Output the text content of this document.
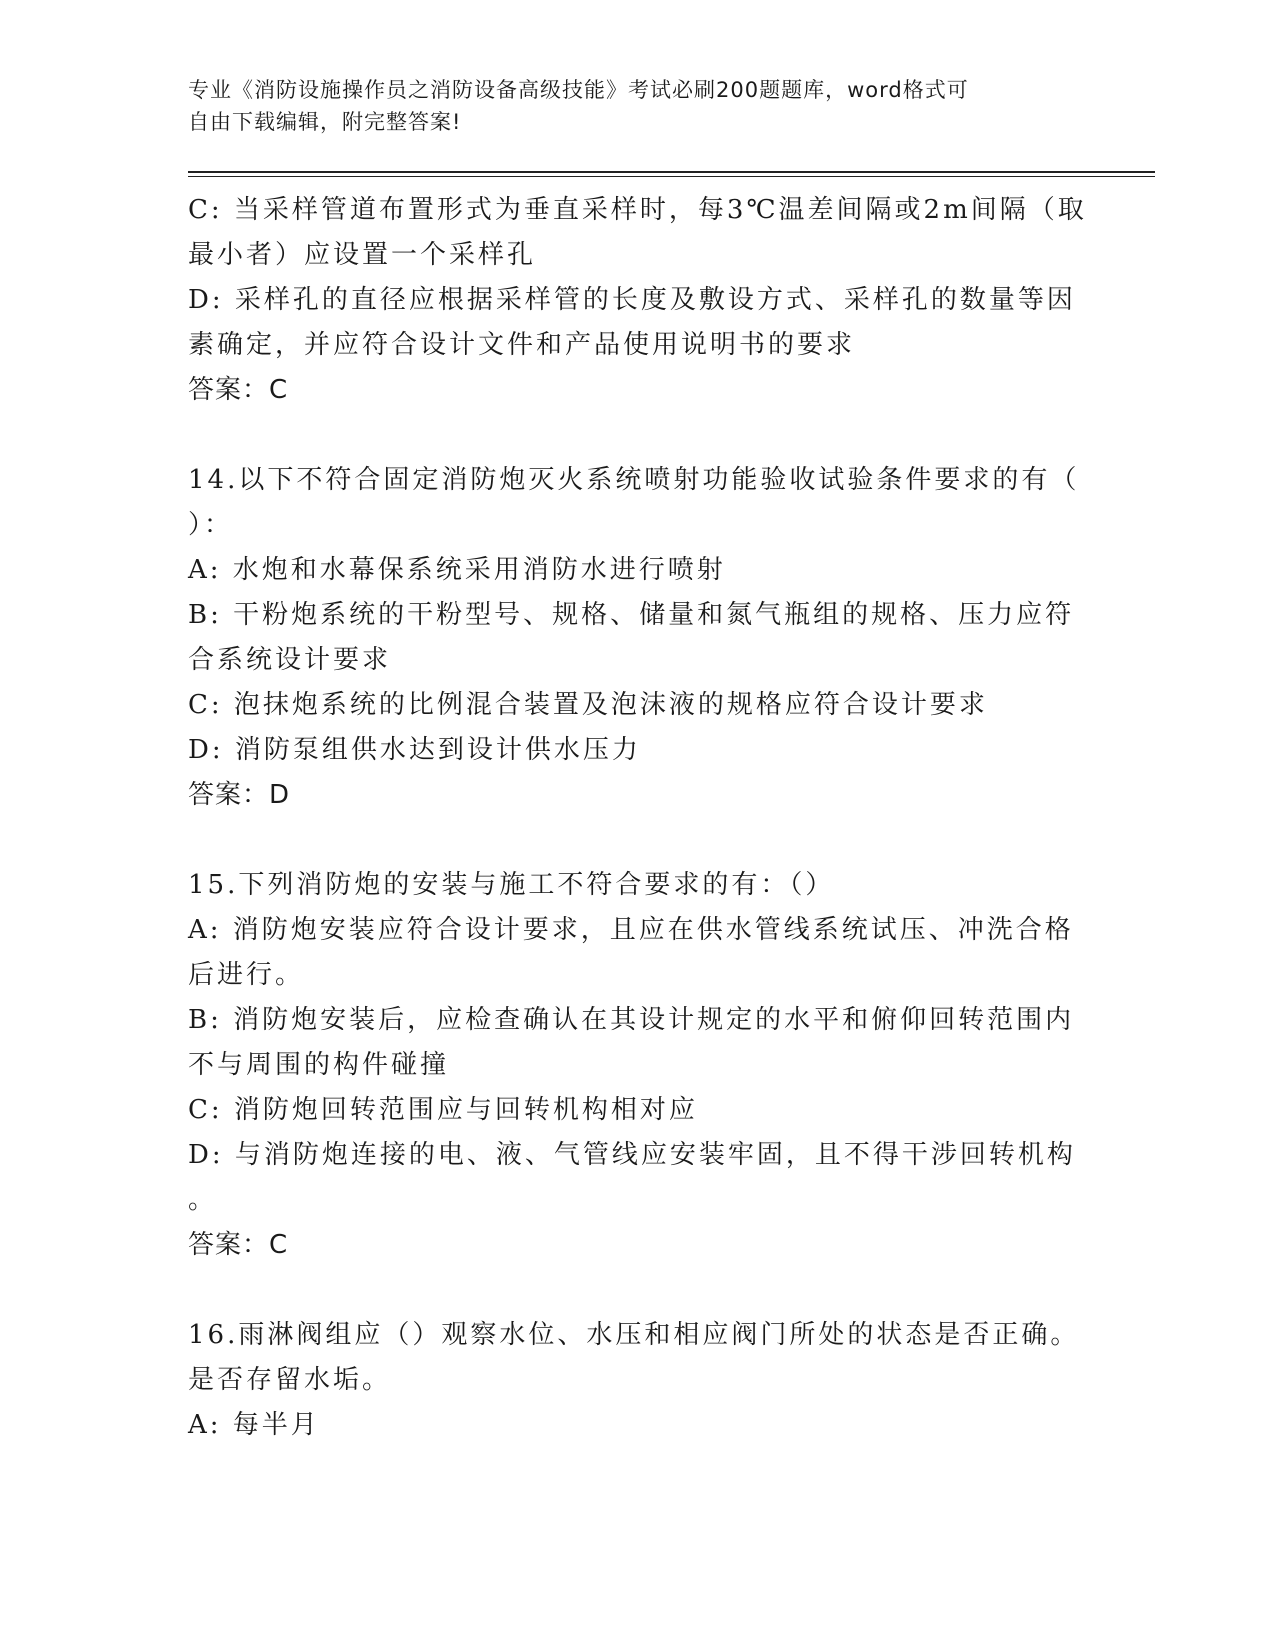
专业《消防设施操作员之消防设备高级技能》考试必刷200题题库，word格式可
自由下载编辑，附完整答案!
C: 当采样管道布置形式为垂直采样时，每3℃温差间隔或2m间隔（取
最小者）应设置一个采样孔
D: 采样孔的直径应根据采样管的长度及敷设方式、采样孔的数量等因
素确定，并应符合设计文件和产品使用说明书的要求
答案：C
14.以下不符合固定消防炮灭火系统喷射功能验收试验条件要求的有（
）：
A: 水炮和水幕保系统采用消防水进行喷射
B: 干粉炮系统的干粉型号、规格、储量和氮气瓶组的规格、压力应符
合系统设计要求
C: 泡抹炮系统的比例混合装置及泡沫液的规格应符合设计要求
D: 消防泵组供水达到设计供水压力
答案：D
15.下列消防炮的安装与施工不符合要求的有：（）
A: 消防炮安装应符合设计要求，且应在供水管线系统试压、冲洗合格
后进行。
B: 消防炮安装后，应检查确认在其设计规定的水平和俯仰回转范围内
不与周围的构件碰撞
C: 消防炮回转范围应与回转机构相对应
D: 与消防炮连接的电、液、气管线应安装牢固，且不得干涉回转机构
。
答案：C
16.雨淋阀组应（）观察水位、水压和相应阀门所处的状态是否正确。
是否存留水垢。
A: 每半月
